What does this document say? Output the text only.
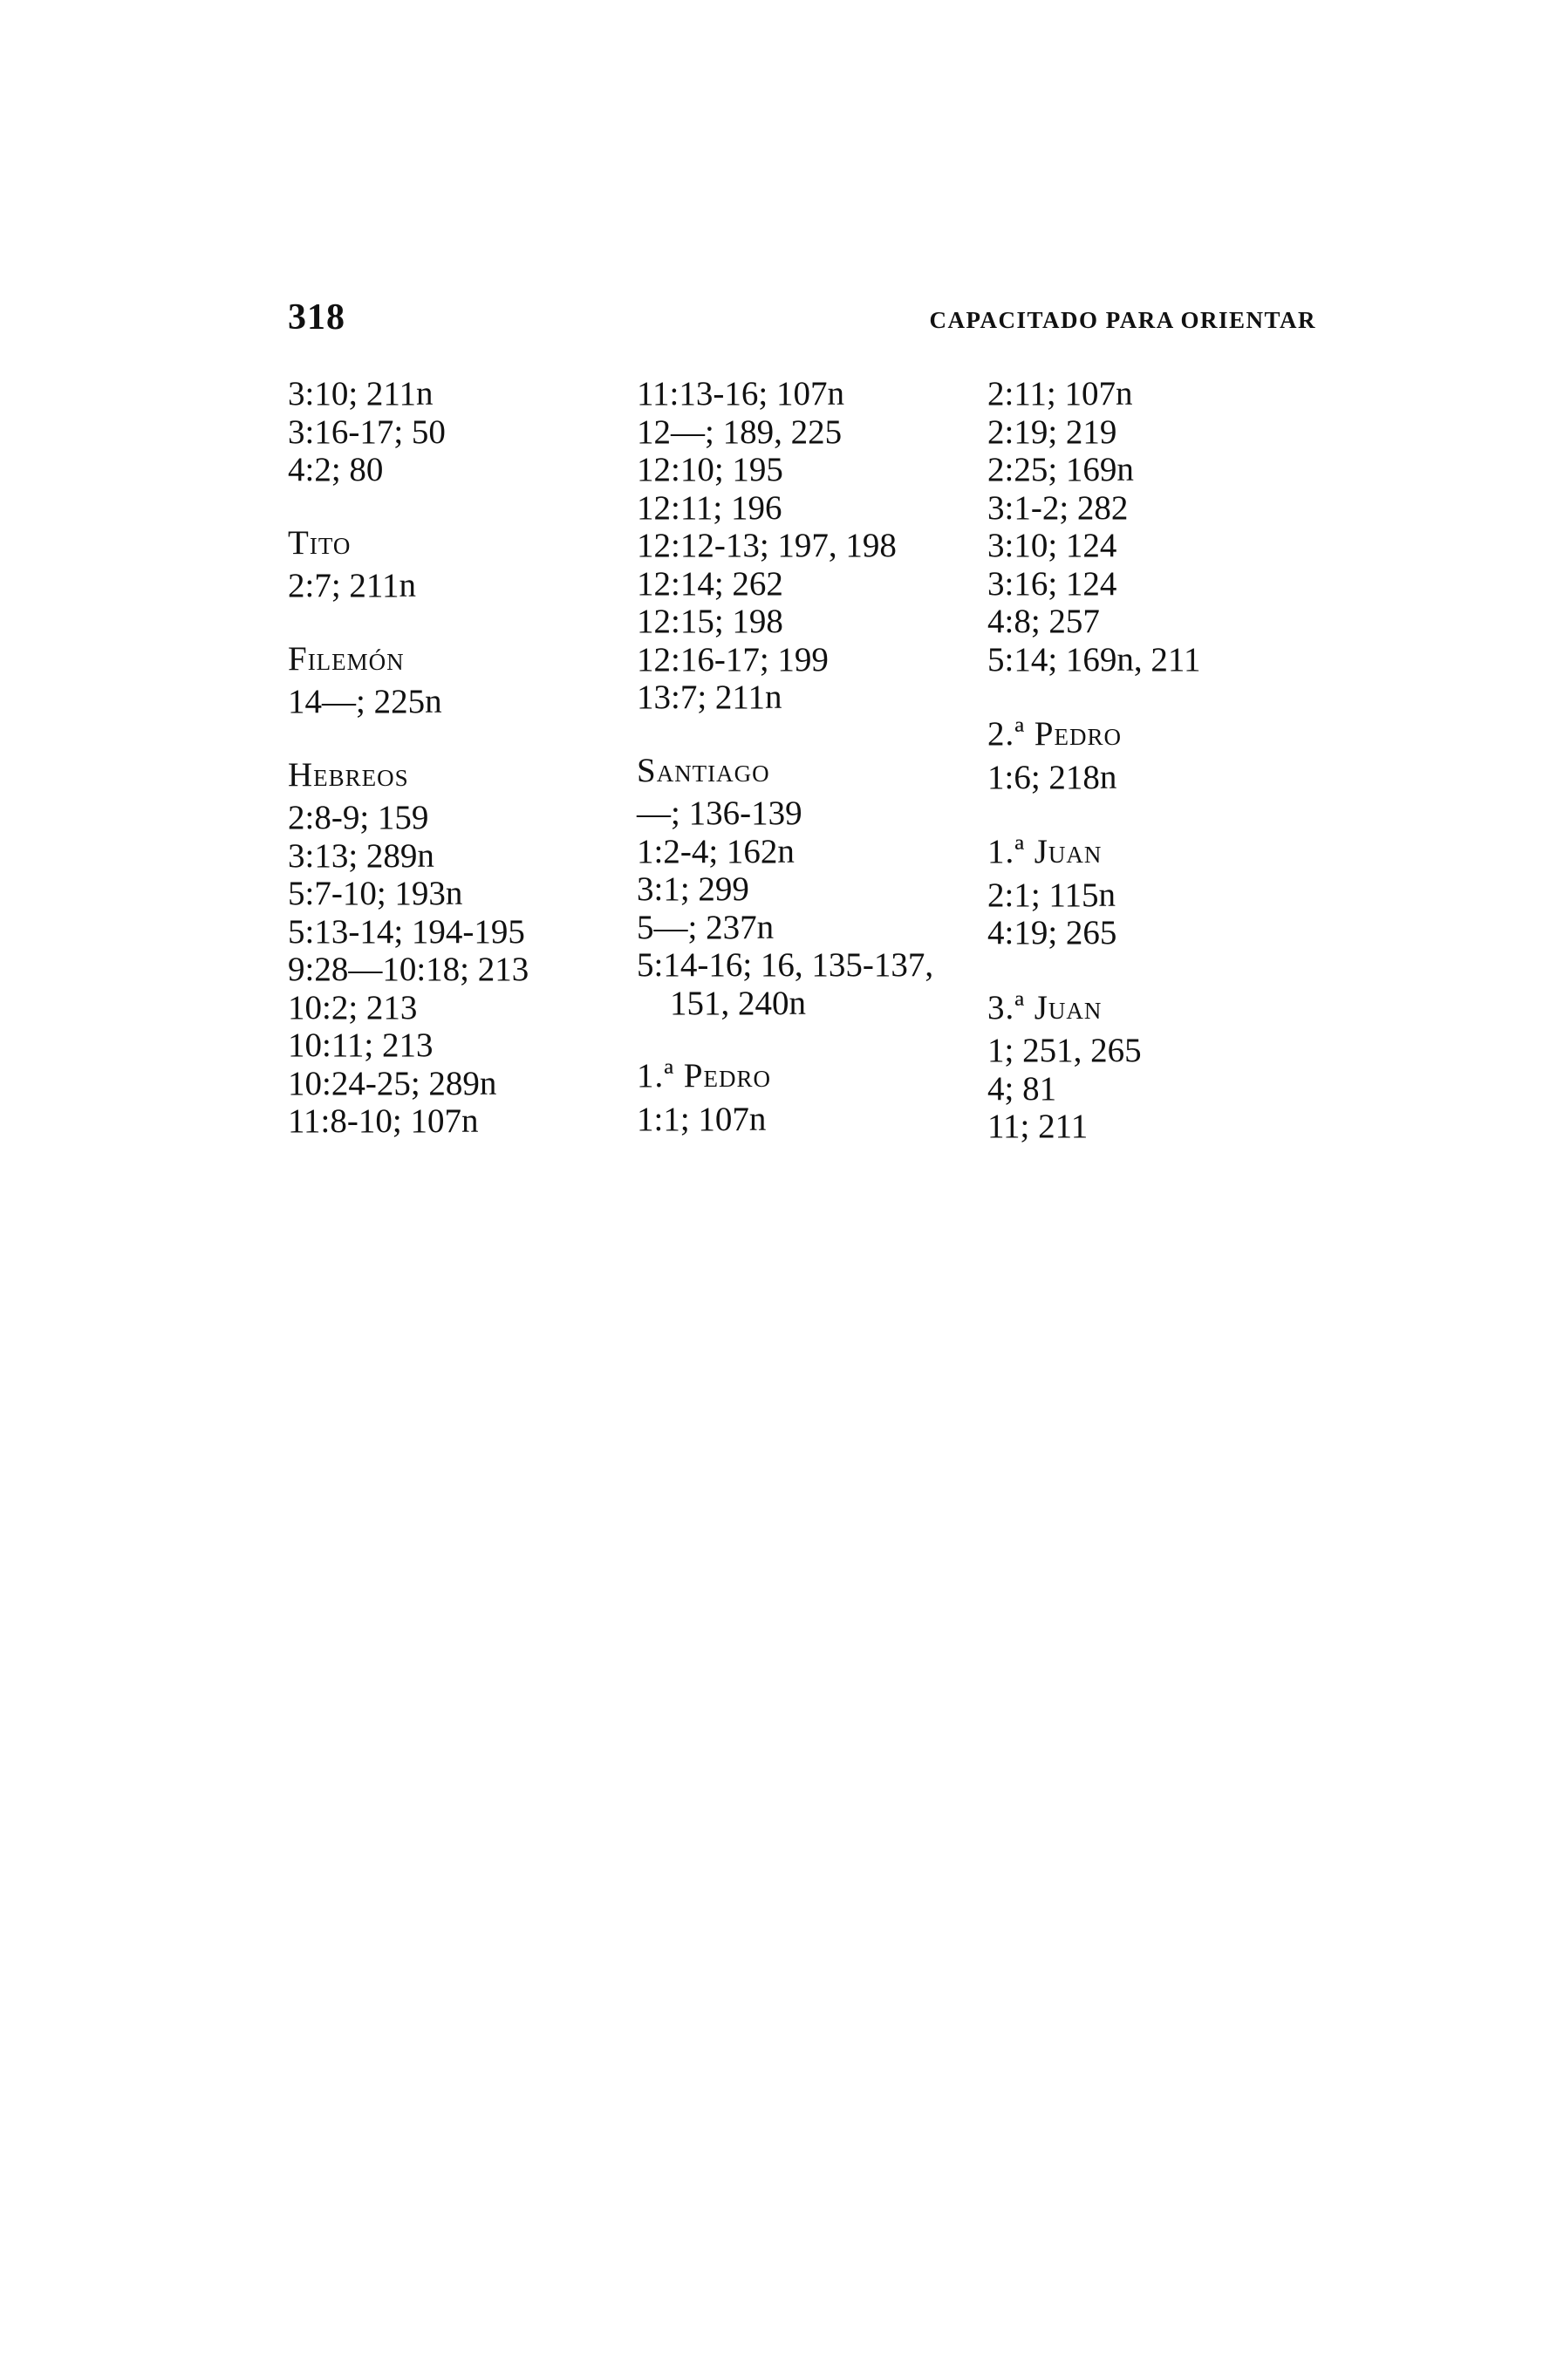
318	CAPACITADO PARA ORIENTAR
3:10; 211n
3:16-17; 50
4:2; 80
Tito
2:7; 211n
Filemón
14—; 225n
Hebreos
2:8-9; 159
3:13; 289n
5:7-10; 193n
5:13-14; 194-195
9:28—10:18; 213
10:2; 213
10:11; 213
10:24-25; 289n
11:8-10; 107n
11:13-16; 107n
12—; 189, 225
12:10; 195
12:11; 196
12:12-13; 197, 198
12:14; 262
12:15; 198
12:16-17; 199
13:7; 211n
Santiago
—; 136-139
1:2-4; 162n
3:1; 299
5—; 237n
5:14-16; 16, 135-137,
151, 240n
1.ª Pedro
1:1; 107n
2:11; 107n
2:19; 219
2:25; 169n
3:1-2; 282
3:10; 124
3:16; 124
4:8; 257
5:14; 169n, 211
2.ª Pedro
1:6; 218n
1.ª Juan
2:1; 115n
4:19; 265
3.ª Juan
1; 251, 265
4; 81
11; 211
